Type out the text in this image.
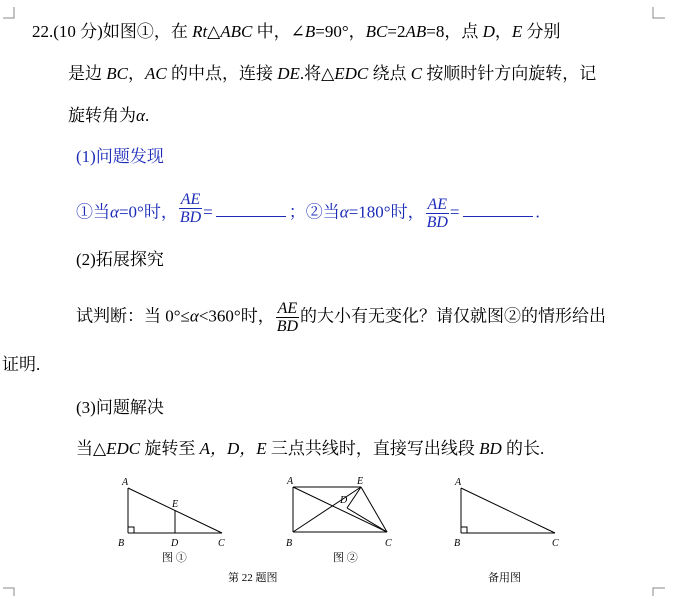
22.(10 分)如图①，在 Rt△ABC 中，∠B=90°，BC=2AB=8，点 D，E 分别
是边 BC，AC 的中点，连接 DE.将△EDC 绕点 C 按顺时针方向旋转，记
旋转角为α.
(1)问题发现
①当α=0°时， $\frac{AE}{BD}$ =	；②当α=180°时， $\frac{AE}{BD}$ =	.
(2)拓展探究
试判断：当 0°≤α<360°时， $\frac{AE}{BD}$ 的大小有无变化？请仅就图②的情形给出
证明.
(3)问题解决
当△EDC 旋转至 A，D，E 三点共线时，直接写出线段 BD 的长.
A
B	C
D
E
图 ①
A
B	C
D
E
图 ②
A
B	C
第 22 题图	备用图
